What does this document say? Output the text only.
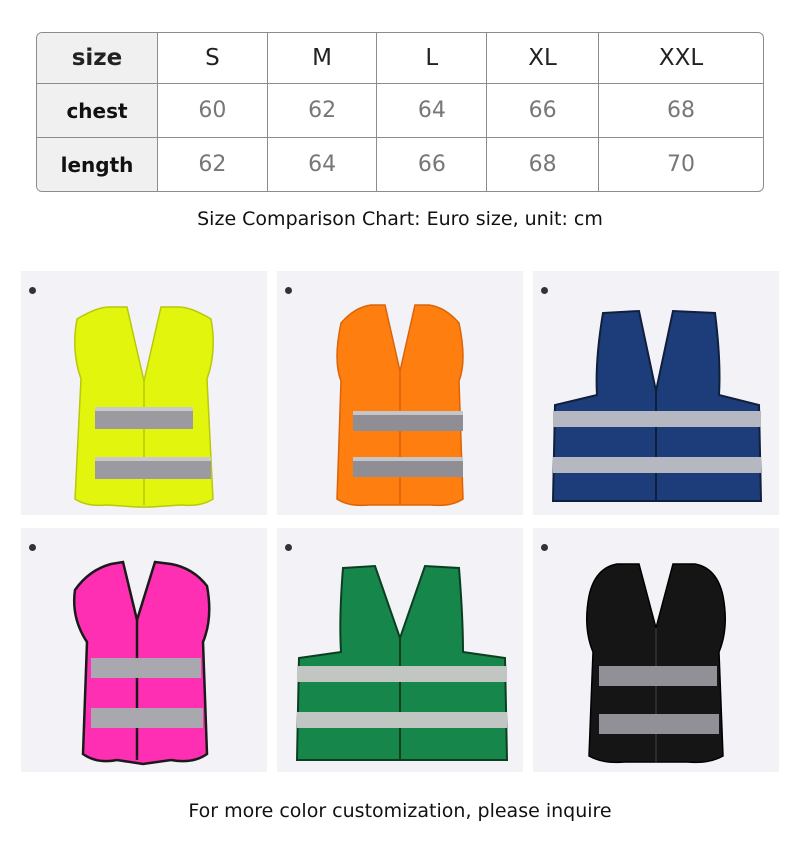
size	S	M	L	XL	XXL
chest	60	62	64	66	68
length	62	64	66	68	70
Size Comparison Chart: Euro size, unit: cm
For more color customization, please inquire
